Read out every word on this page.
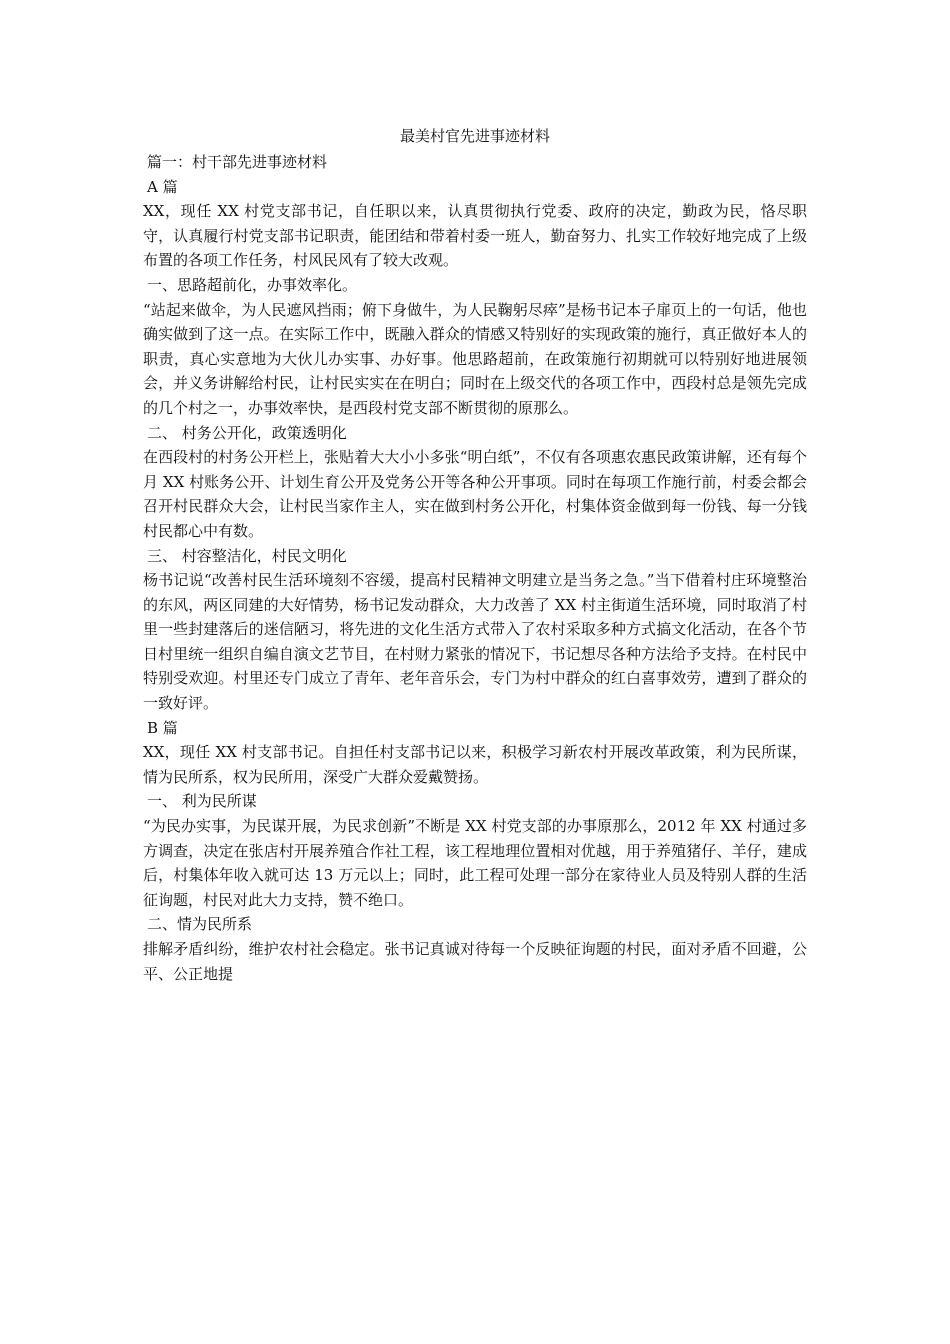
最美村官先进事迹材料

篇一：村干部先进事迹材料

A 篇

XX，现任 XX 村党支部书记，自任职以来，认真贯彻执行党委、政府的决定，勤政为民，恪尽职守，认真履行村党支部书记职责，能团结和带着村委一班人，勤奋努力、扎实工作较好地完成了上级布置的各项工作任务，村风民风有了较大改观。

一、思路超前化，办事效率化。

“站起来做伞，为人民遮风挡雨；俯下身做牛，为人民鞠躬尽瘁”是杨书记本子扉页上的一句话，他也确实做到了这一点。在实际工作中，既融入群众的情感又特别好的实现政策的施行，真正做好本人的职责，真心实意地为大伙儿办实事、办好事。他思路超前，在政策施行初期就可以特别好地进展领会，并义务讲解给村民，让村民实实在在明白；同时在上级交代的各项工作中，西段村总是领先完成的几个村之一，办事效率快，是西段村党支部不断贯彻的原那么。

二、 村务公开化，政策透明化

在西段村的村务公开栏上，张贴着大大小小多张“明白纸”，不仅有各项惠农惠民政策讲解，还有每个月 XX 村账务公开、计划生育公开及党务公开等各种公开事项。同时在每项工作施行前，村委会都会召开村民群众大会，让村民当家作主人，实在做到村务公开化，村集体资金做到每一份钱、每一分钱村民都心中有数。

三、 村容整洁化，村民文明化

杨书记说“改善村民生活环境刻不容缓，提高村民精神文明建立是当务之急。”当下借着村庄环境整治的东风，两区同建的大好情势，杨书记发动群众，大力改善了 XX 村主街道生活环境，同时取消了村里一些封建落后的迷信陋习，将先进的文化生活方式带入了农村采取多种方式搞文化活动，在各个节日村里统一组织自编自演文艺节目，在村财力紧张的情况下，书记想尽各种方法给予支持。在村民中特别受欢迎。村里还专门成立了青年、老年音乐会，专门为村中群众的红白喜事效劳，遭到了群众的一致好评。

B 篇

XX，现任 XX 村支部书记。自担任村支部书记以来，积极学习新农村开展改革政策，利为民所谋，情为民所系，权为民所用，深受广大群众爱戴赞扬。

一、 利为民所谋

“为民办实事，为民谋开展，为民求创新”不断是 XX 村党支部的办事原那么，2012 年 XX 村通过多方调查，决定在张店村开展养殖合作社工程，该工程地理位置相对优越，用于养殖猪仔、羊仔，建成后，村集体年收入就可达 13 万元以上；同时，此工程可处理一部分在家待业人员及特别人群的生活征询题，村民对此大力支持，赞不绝口。

二、情为民所系

排解矛盾纠纷，维护农村社会稳定。张书记真诚对待每一个反映征询题的村民，面对矛盾不回避，公平、公正地提
